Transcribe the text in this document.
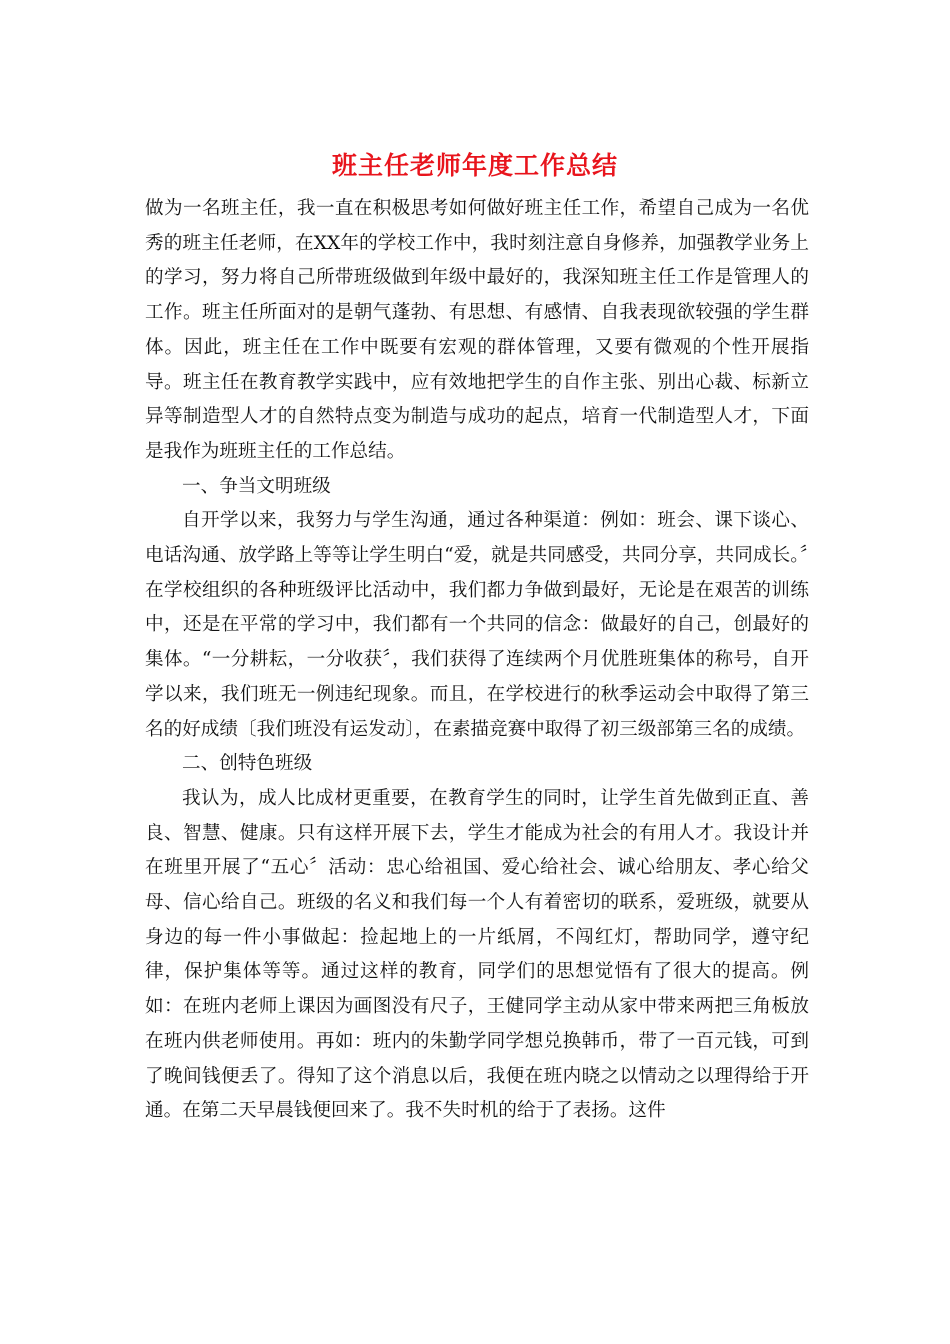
班主任老师年度工作总结

做为一名班主任，我一直在积极思考如何做好班主任工作，希望自己成为一名优秀的班主任老师，在XX年的学校工作中，我时刻注意自身修养，加强教学业务上的学习，努力将自己所带班级做到年级中最好的，我深知班主任工作是管理人的工作。班主任所面对的是朝气蓬勃、有思想、有感情、自我表现欲较强的学生群体。因此，班主任在工作中既要有宏观的群体管理，又要有微观的个性开展指导。班主任在教育教学实践中，应有效地把学生的自作主张、别出心裁、标新立异等制造型人才的自然特点变为制造与成功的起点，培育一代制造型人才，下面是我作为班班主任的工作总结。

一、争当文明班级

自开学以来，我努力与学生沟通，通过各种渠道：例如：班会、课下谈心、电话沟通、放学路上等等让学生明白“爱，就是共同感受，共同分享，共同成长。〞在学校组织的各种班级评比活动中，我们都力争做到最好，无论是在艰苦的训练中，还是在平常的学习中，我们都有一个共同的信念：做最好的自己，创最好的集体。“一分耕耘，一分收获〞，我们获得了连续两个月优胜班集体的称号，自开学以来，我们班无一例违纪现象。而且，在学校进行的秋季运动会中取得了第三名的好成绩〔我们班没有运发动〕，在素描竞赛中取得了初三级部第三名的成绩。

二、创特色班级

我认为，成人比成材更重要，在教育学生的同时，让学生首先做到正直、善良、智慧、健康。只有这样开展下去，学生才能成为社会的有用人才。我设计并在班里开展了“五心〞活动：忠心给祖国、爱心给社会、诚心给朋友、孝心给父母、信心给自己。班级的名义和我们每一个人有着密切的联系，爱班级，就要从身边的每一件小事做起：捡起地上的一片纸屑，不闯红灯，帮助同学，遵守纪律，保护集体等等。通过这样的教育，同学们的思想觉悟有了很大的提高。例如：在班内老师上课因为画图没有尺子，王健同学主动从家中带来两把三角板放在班内供老师使用。再如：班内的朱勤学同学想兑换韩币，带了一百元钱，可到了晚间钱便丢了。得知了这个消息以后，我便在班内晓之以情动之以理得给于开通。在第二天早晨钱便回来了。我不失时机的给于了表扬。这件
